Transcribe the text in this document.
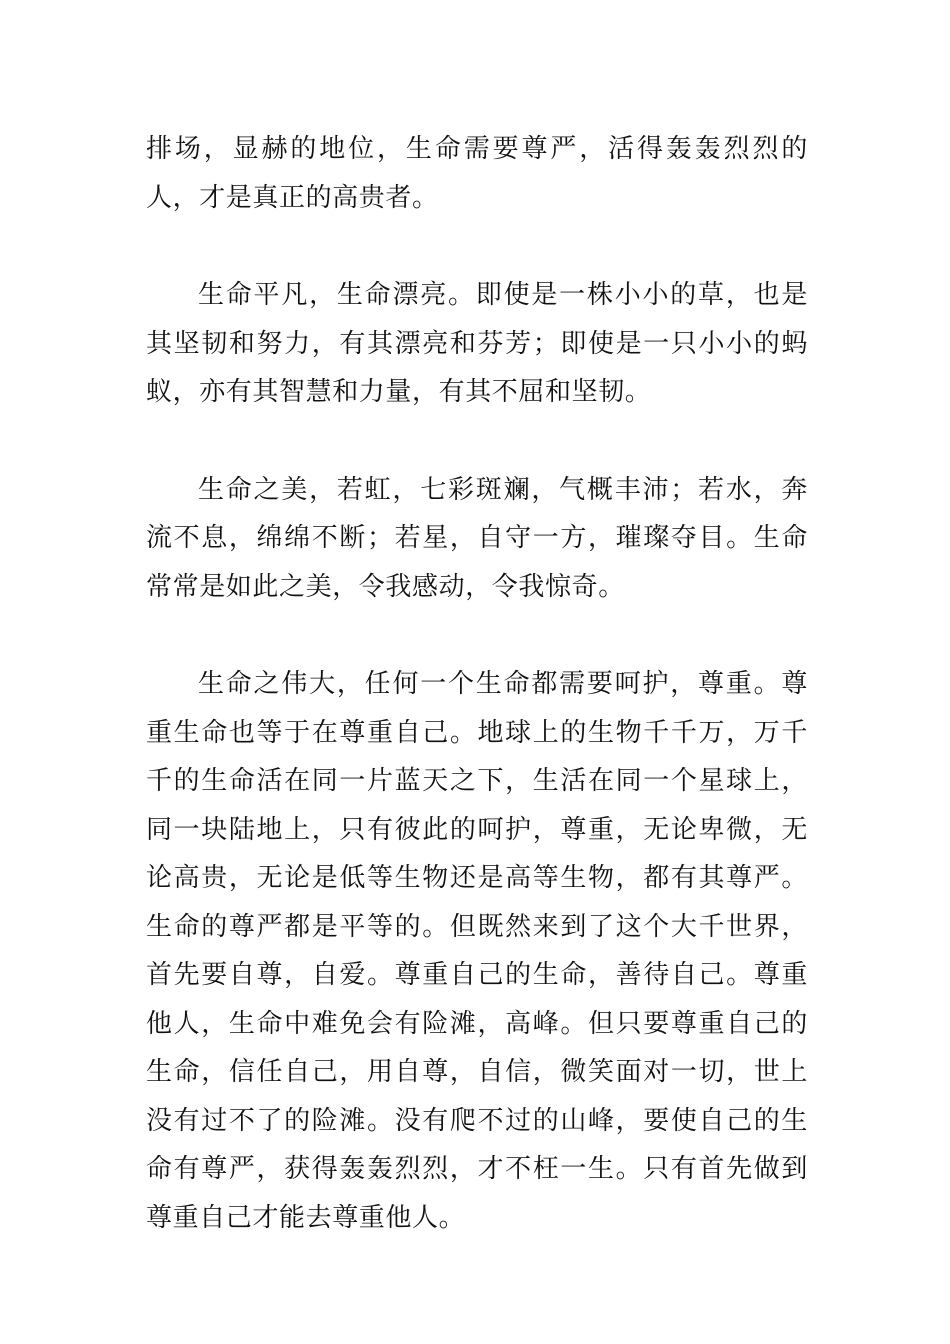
排场，显赫的地位，生命需要尊严，活得轰轰烈烈的人，才是真正的高贵者。

生命平凡，生命漂亮。即使是一株小小的草，也是其坚韧和努力，有其漂亮和芬芳；即使是一只小小的蚂蚁，亦有其智慧和力量，有其不屈和坚韧。

生命之美，若虹，七彩斑斓，气概丰沛；若水，奔流不息，绵绵不断；若星，自守一方，璀璨夺目。生命常常是如此之美，令我感动，令我惊奇。

生命之伟大，任何一个生命都需要呵护，尊重。尊重生命也等于在尊重自己。地球上的生物千千万，万千千的生命活在同一片蓝天之下，生活在同一个星球上，同一块陆地上，只有彼此的呵护，尊重，无论卑微，无论高贵，无论是低等生物还是高等生物，都有其尊严。生命的尊严都是平等的。但既然来到了这个大千世界，首先要自尊，自爱。尊重自己的生命，善待自己。尊重他人，生命中难免会有险滩，高峰。但只要尊重自己的生命，信任自己，用自尊，自信，微笑面对一切，世上没有过不了的险滩。没有爬不过的山峰，要使自己的生命有尊严，获得轰轰烈烈，才不枉一生。只有首先做到尊重自己才能去尊重他人。
